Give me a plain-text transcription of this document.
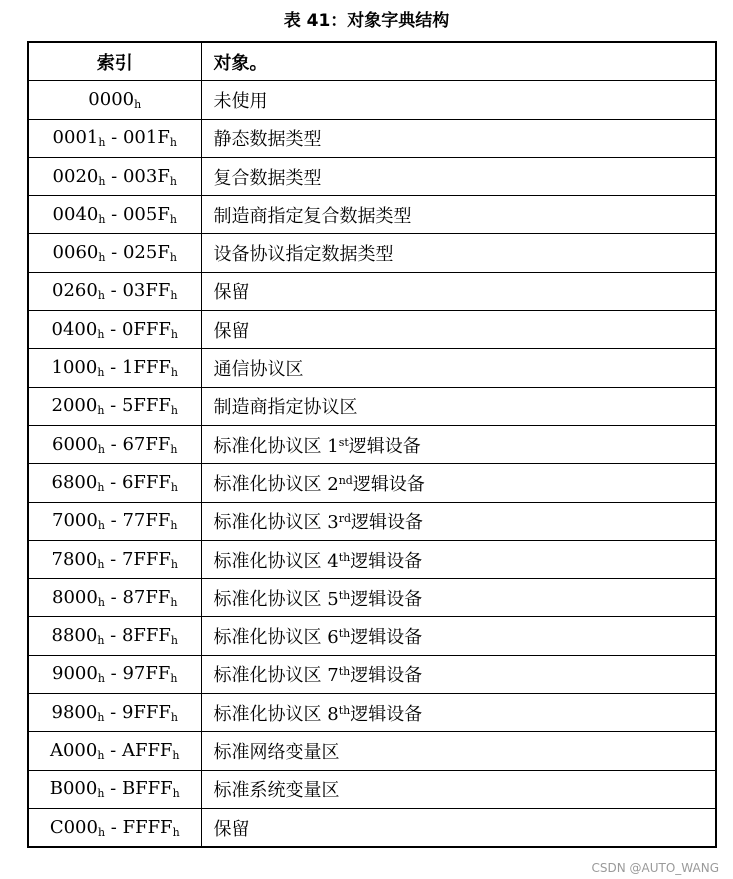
表 41：对象字典结构
索引	对象。
$0000_h$	未使用
$0001_h - 001F_h$	静态数据类型
$0020_h - 003F_h$	复合数据类型
$0040_h - 005F_h$	制造商指定复合数据类型
$0060_h - 025F_h$	设备协议指定数据类型
$0260_h - 03FF_h$	保留
$0400_h - 0FFF_h$	保留
$1000_h - 1FFF_h$	通信协议区
$2000_h - 5FFF_h$	制造商指定协议区
$6000_h - 67FF_h$	标准化协议区 1st逻辑设备
$6800_h - 6FFF_h$	标准化协议区 2nd逻辑设备
$7000_h - 77FF_h$	标准化协议区 3rd逻辑设备
$7800_h - 7FFF_h$	标准化协议区 4th逻辑设备
$8000_h - 87FF_h$	标准化协议区 5th逻辑设备
$8800_h - 8FFF_h$	标准化协议区 6th逻辑设备
$9000_h - 97FF_h$	标准化协议区 7th逻辑设备
$9800_h - 9FFF_h$	标准化协议区 8th逻辑设备
$A000_h$ - $AFFF_h$	标准网络变量区
$B000_h$ - $BFFF_h$	标准系统变量区
$C000_h$ - $FFFF_h$	保留
CSDN @AUTO_WANG
